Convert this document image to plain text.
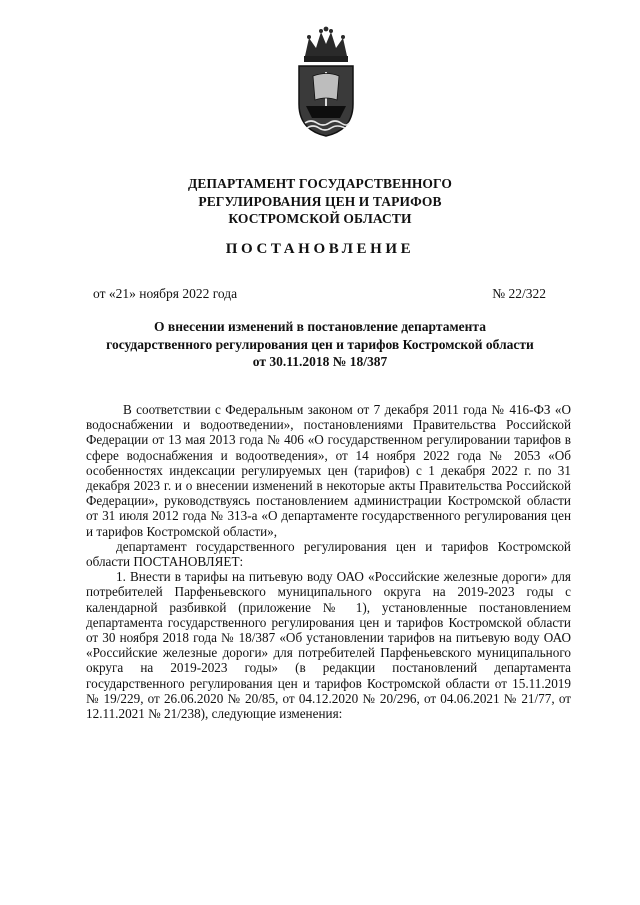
ДЕПАРТАМЕНТ ГОСУДАРСТВЕННОГО
РЕГУЛИРОВАНИЯ ЦЕН И ТАРИФОВ
КОСТРОМСКОЙ ОБЛАСТИ
ПОСТАНОВЛЕНИЕ
от «21» ноября 2022 года	№ 22/322
О внесении изменений в постановление департамента
государственного регулирования цен и тарифов Костромской области
от 30.11.2018 № 18/387

В соответствии с Федеральным законом от 7 декабря 2011 года № 416-ФЗ «О водоснабжении и водоотведении», постановлениями Правительства Российской Федерации от 13 мая 2013 года № 406 «О государственном регулировании тарифов в сфере водоснабжения и водоотведения», от 14 ноября 2022 года № 2053 «Об особенностях индексации регулируемых цен (тарифов) с 1 декабря 2022 г. по 31 декабря 2023 г. и о внесении изменений в некоторые акты Правительства Российской Федерации», руководствуясь постановлением администрации Костромской области от 31 июля 2012 года № 313-а «О департаменте государственного регулирования цен и тарифов Костромской области»,

департамент государственного регулирования цен и тарифов Костромской области ПОСТАНОВЛЯЕТ:

1. Внести в тарифы на питьевую воду ОАО «Российские железные дороги» для потребителей Парфеньевского муниципального округа на 2019-2023 годы с календарной разбивкой (приложение № 1), установленные постановлением департамента государственного регулирования цен и тарифов Костромской области от 30 ноября 2018 года № 18/387 «Об установлении тарифов на питьевую воду ОАО «Российские железные дороги» для потребителей Парфеньевского муниципального округа на 2019-2023 годы» (в редакции постановлений департамента государственного регулирования цен и тарифов Костромской области от 15.11.2019 № 19/229, от 26.06.2020 № 20/85, от 04.12.2020 № 20/296, от 04.06.2021 № 21/77, от 12.11.2021 № 21/238), следующие изменения:
